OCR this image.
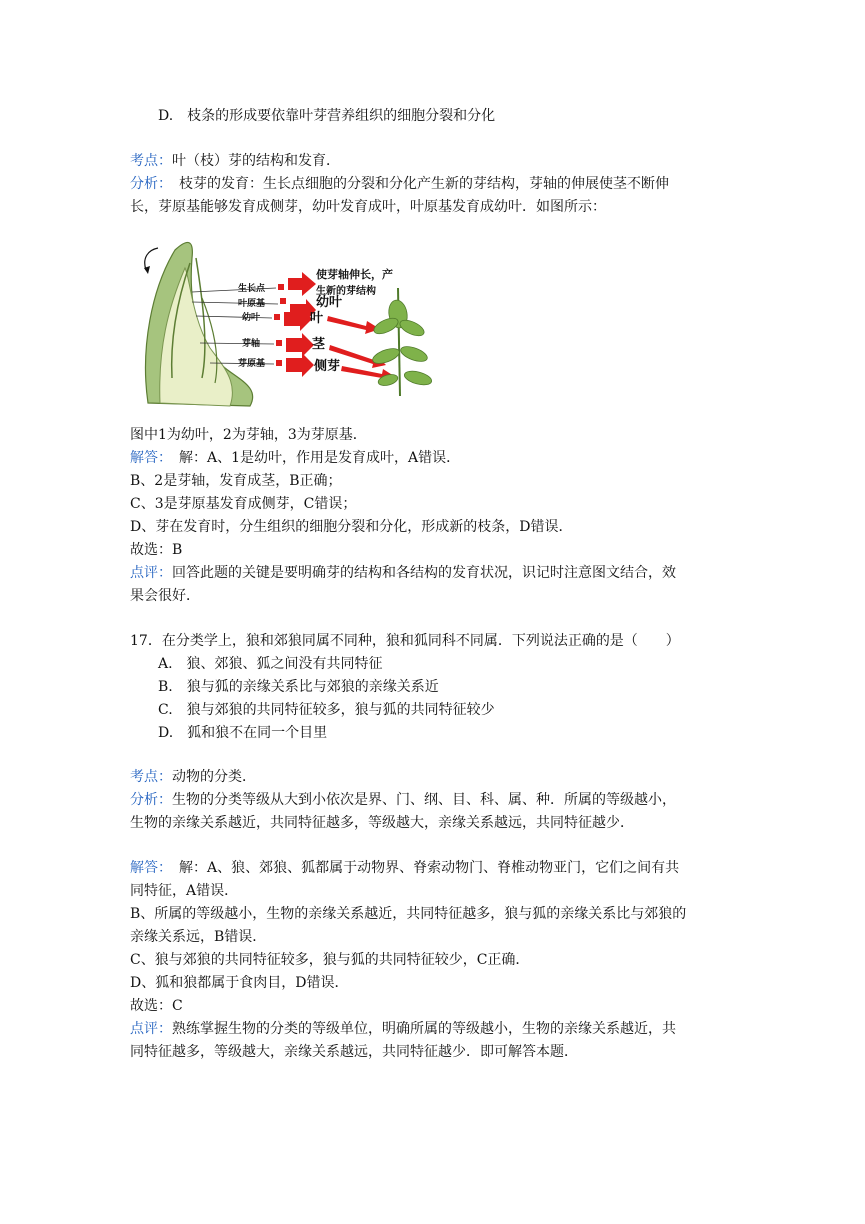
D.　枝条的形成要依靠叶芽营养组织的细胞分裂和分化
考点：叶（枝）芽的结构和发育．
分析：　枝芽的发育：生长点细胞的分裂和分化产生新的芽结构，芽轴的伸展使茎不断伸
长，芽原基能够发育成侧芽，幼叶发育成叶，叶原基发育成幼叶．如图所示：
生长点
叶原基
幼叶
芽轴
芽原基
使芽轴伸长，产
生新的芽结构
幼叶
叶
茎
侧芽
图中1为幼叶，2为芽轴，3为芽原基．
解答：　解：A、1是幼叶，作用是发育成叶，A错误．
B、2是芽轴，发育成茎，B正确；
C、3是芽原基发育成侧芽，C错误；
D、芽在发育时，分生组织的细胞分裂和分化，形成新的枝条，D错误．
故选：B
点评：回答此题的关键是要明确芽的结构和各结构的发育状况，识记时注意图文结合，效
果会很好．
17．在分类学上，狼和郊狼同属不同种，狼和狐同科不同属．下列说法正确的是（　　）
A.　狼、郊狼、狐之间没有共同特征
B.　狼与狐的亲缘关系比与郊狼的亲缘关系近
C.　狼与郊狼的共同特征较多，狼与狐的共同特征较少
D.　狐和狼不在同一个目里
考点：动物的分类．
分析：生物的分类等级从大到小依次是界、门、纲、目、科、属、种．所属的等级越小，
生物的亲缘关系越近，共同特征越多，等级越大，亲缘关系越远，共同特征越少．
解答：　解：A、狼、郊狼、狐都属于动物界、脊索动物门、脊椎动物亚门，它们之间有共
同特征，A错误．
B、所属的等级越小，生物的亲缘关系越近，共同特征越多，狼与狐的亲缘关系比与郊狼的
亲缘关系远，B错误．
C、狼与郊狼的共同特征较多，狼与狐的共同特征较少，C正确．
D、狐和狼都属于食肉目，D错误．
故选：C
点评：熟练掌握生物的分类的等级单位，明确所属的等级越小，生物的亲缘关系越近，共
同特征越多，等级越大，亲缘关系越远，共同特征越少．即可解答本题．
